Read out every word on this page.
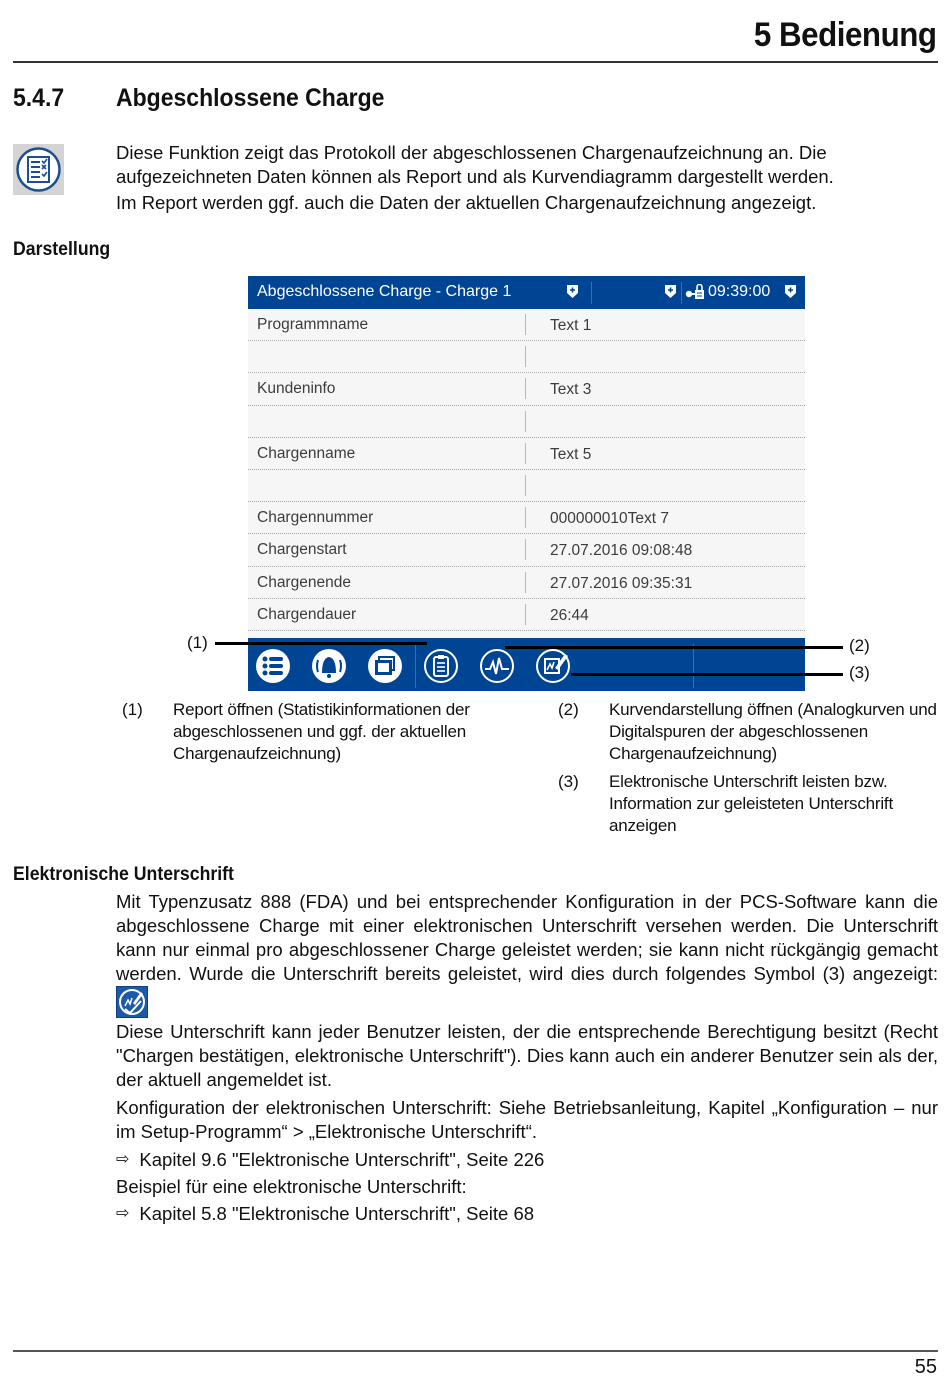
5 Bedienung
5.4.7 Abgeschlossene Charge

Diese Funktion zeigt das Protokoll der abgeschlossenen Chargenaufzeichnung an. Die aufgezeichneten Daten können als Report und als Kurvendiagramm dargestellt werden.

Im Report werden ggf. auch die Daten der aktuellen Chargenaufzeichnung angezeigt.

Darstellung
Abgeschlossene Charge - Charge 1	09:39:00
Programmname	Text 1
Kundeninfo	Text 3
Chargenname	Text 5
Chargennummer	000000010Text 7
Chargenstart	27.07.2016 09:08:48
Chargenende	27.07.2016 09:35:31
Chargendauer	26:44
(1)	(2)
(3)
(1) Report öffnen (Statistikinformationen der abgeschlossenen und ggf. der aktuellen Chargenaufzeichnung)
(2) Kurvendarstellung öffnen (Analogkurven und Digitalspuren der abgeschlossenen Chargenaufzeichnung)
(3) Elektronische Unterschrift leisten bzw. Information zur geleisteten Unterschrift anzeigen
Elektronische Unterschrift

Mit Typenzusatz 888 (FDA) und bei entsprechender Konfiguration in der PCS-Software kann die abgeschlossene Charge mit einer elektronischen Unterschrift versehen werden. Die Unterschrift kann nur einmal pro abgeschlossener Charge geleistet werden; sie kann nicht rückgängig gemacht werden. Wurde die Unterschrift bereits geleistet, wird dies durch folgendes Symbol (3) angezeigt:

Diese Unterschrift kann jeder Benutzer leisten, der die entsprechende Berechtigung besitzt (Recht "Chargen bestätigen, elektronische Unterschrift"). Dies kann auch ein anderer Benutzer sein als der, der aktuell angemeldet ist.

Konfiguration der elektronischen Unterschrift: Siehe Betriebsanleitung, Kapitel „Konfiguration – nur im Setup-Programm“ > „Elektronische Unterschrift“.

⇨ Kapitel 9.6 "Elektronische Unterschrift", Seite 226

Beispiel für eine elektronische Unterschrift:

⇨ Kapitel 5.8 "Elektronische Unterschrift", Seite 68
55
